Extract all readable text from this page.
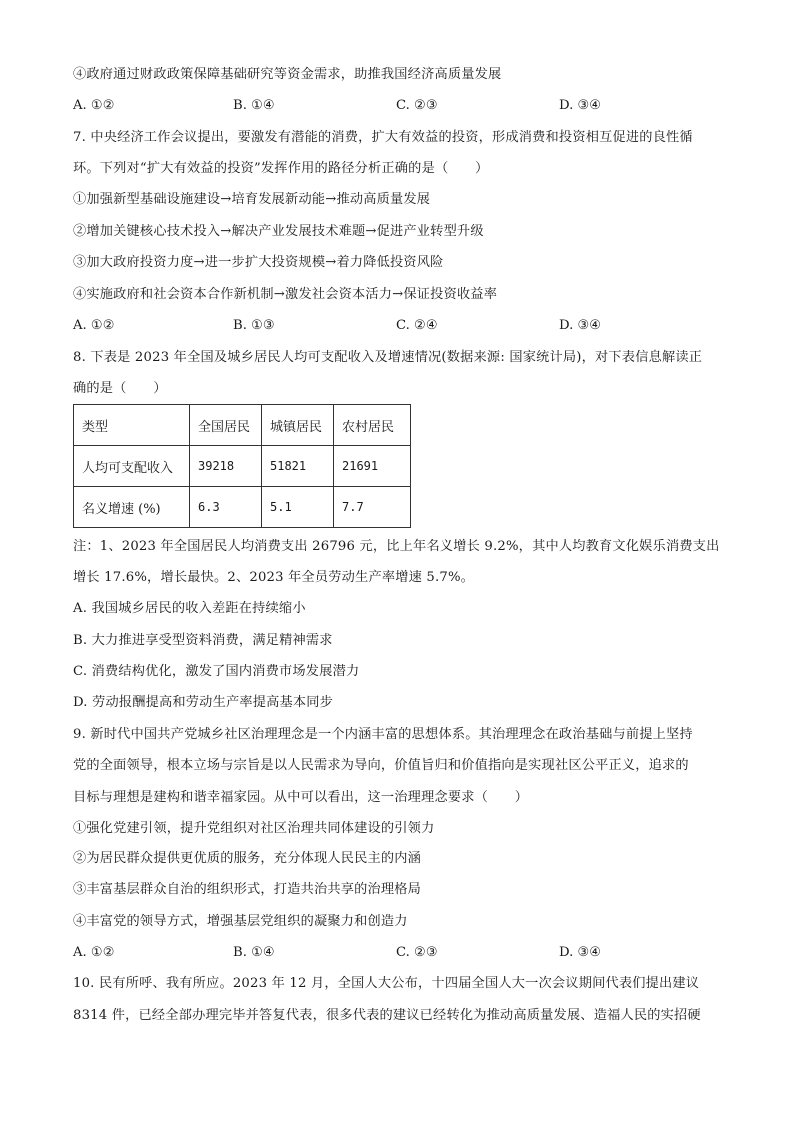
④政府通过财政政策保障基础研究等资金需求，助推我国经济高质量发展
A. ①②	B. ①④	C. ②③	D. ③④
7. 中央经济工作会议提出，要激发有潜能的消费，扩大有效益的投资，形成消费和投资相互促进的良性循
环。下列对“扩大有效益的投资”发挥作用的路径分析正确的是（　　）
①加强新型基础设施建设→培育发展新动能→推动高质量发展
②增加关键核心技术投入→解决产业发展技术难题→促进产业转型升级
③加大政府投资力度→进一步扩大投资规模→着力降低投资风险
④实施政府和社会资本合作新机制→激发社会资本活力→保证投资收益率
A. ①②	B. ①③	C. ②④	D. ③④
8. 下表是 2023 年全国及城乡居民人均可支配收入及增速情况(数据来源: 国家统计局)，对下表信息解读正
确的是（　　）
类型	全国居民	城镇居民	农村居民
人均可支配收入	39218	51821	21691
名义增速 (%)	6.3	5.1	7.7
注：1、2023 年全国居民人均消费支出 26796 元，比上年名义增长 9.2%，其中人均教育文化娱乐消费支出
增长 17.6%，增长最快。2、2023 年全员劳动生产率增速 5.7%。
A. 我国城乡居民的收入差距在持续缩小
B. 大力推进享受型资料消费，满足精神需求
C. 消费结构优化，激发了国内消费市场发展潜力
D. 劳动报酬提高和劳动生产率提高基本同步
9. 新时代中国共产党城乡社区治理理念是一个内涵丰富的思想体系。其治理理念在政治基础与前提上坚持
党的全面领导，根本立场与宗旨是以人民需求为导向，价值旨归和价值指向是实现社区公平正义，追求的
目标与理想是建构和谐幸福家园。从中可以看出，这一治理理念要求（　　）
①强化党建引领，提升党组织对社区治理共同体建设的引领力
②为居民群众提供更优质的服务，充分体现人民民主的内涵
③丰富基层群众自治的组织形式，打造共治共享的治理格局
④丰富党的领导方式，增强基层党组织的凝聚力和创造力
A. ①②	B. ①④	C. ②③	D. ③④
10. 民有所呼、我有所应。2023 年 12 月，全国人大公布，十四届全国人大一次会议期间代表们提出建议
8314 件，已经全部办理完毕并答复代表，很多代表的建议已经转化为推动高质量发展、造福人民的实招硬
